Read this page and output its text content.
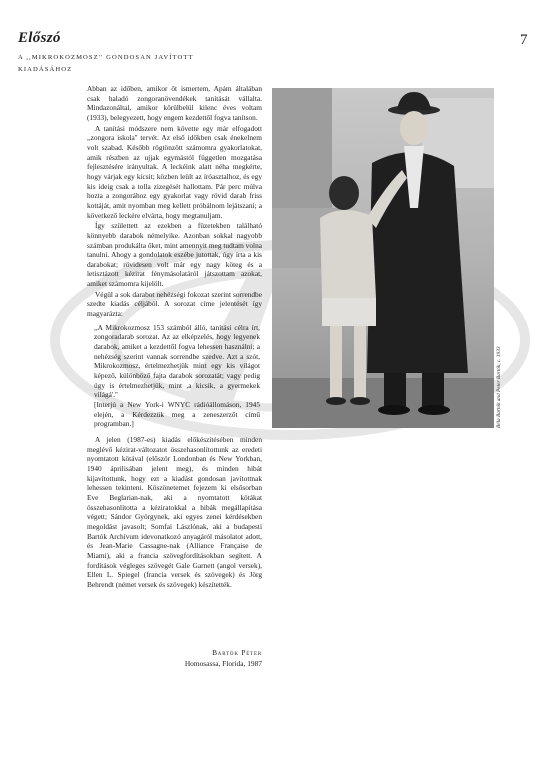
Előszó	7
A ,,MIKROKOZMOSZ'' GONDOSAN JAVÍTOTT
KIADÁSÁHOZ

Abban az időben, amikor őt ismertem, Apám általában csak haladó zongoranövendékek tanítását vállalta. Mindazonáltal, amikor körülbelül kilenc éves voltam (1933), belegyezett, hogy engem kezdettől fogva tanítson.

A tanítási módszere nem követte egy már elfogadott ,,zongora iskola'' tervét. Az első időkben csak énekelnem volt szabad. Később rögtönzött számomra gyakorlatokat, amik részben az ujjak egymástól független mozgatása fejlesztésére irányultak. A leckéink alatt néha megkérte, hogy várjak egy kicsit; közben leült az íróasztalhoz, és egy kis ideig csak a tolla zizegését hallottam. Pár perc múlva hozta a zongorához egy gyakorlat vagy rövid darab friss kottáját, amit nyomban meg kellett próbálnom lejátszani; a következő leckére elvárta, hogy megtanuljam.

Így születtett az ezekben a füzetekben található könnyebb darabok némelyike. Azonban sokkal nagyobb számban produkálta őket, mint amennyit meg tudtam volna tanulni. Ahogy a gondolatok eszébe jutottak, úgy írta a kis darabokat; rövidesen volt már egy nagy köteg és a letisztázott kézirat fénymásolatáról játszottam azokat, amiket számomra kijelölt.

Végül a sok darabot nehézségi fokozat szerint sorrendbe szedte kiadás céljából. A sorozat címe jelentését így magyarázta:

,,A Mikrokozmosz 153 számból álló, tanítási célra írt, zongoradarab sorozat. Az az elképzelés, hogy legyenek darabok, amiket a kezdettől fogva lehessen használni; a nehézség szerint vannak sorrendbe szedve. Azt a szót, Mikrokozmosz, értelmezhetjük mint egy kis világot képező, különböző fajta darabok sorozatát; vagy pedig úgy is értelmezhetjük, mint ,a kicsik, a gyermekek világá'.''
[Interjú a New York-i WNYC rádióállomáson, 1945 elején, a Kérdezzük meg a zeneszerzőt című programban.]

A jelen (1987-es) kiadás előkészítésében minden meglévő kézirat-változatot összehasonlítottunk az eredeti nyomtatott kötával (először Londonban és New Yorkban, 1940 áprilisában jelent meg), és minden hibát kijavítottunk, hogy ezt a kiadást gondosan javítottnak lehessen tekinteni. Köszönetemet fejezem ki elsősorban Eve Beglarian-nak, aki a nyomtatott kötákat összehasonlította a kéziratokkal a hibák megállapítása végett; Sándor Györgynek, aki egyes zenei kérdésekben megoldást javasolt; Somfai Lászlónak, aki a budapesti Bartók Archívum idevonatkozó anyagáról másolatot adott, és Jean-Marie Cassagne-nak (Alliance Française de Miami), aki a francia szövegfordításokban segített. A fordítások végleges szövegét Gale Garnett (angol versek), Ellen L. Spiegel (francia versek és szövegek) és Jörg Behrendt (német versek és szövegek) készítették.

Bartók Péter
Homosassa, Florida, 1987
Béla Bartók and Peter Bartók, c. 1933
